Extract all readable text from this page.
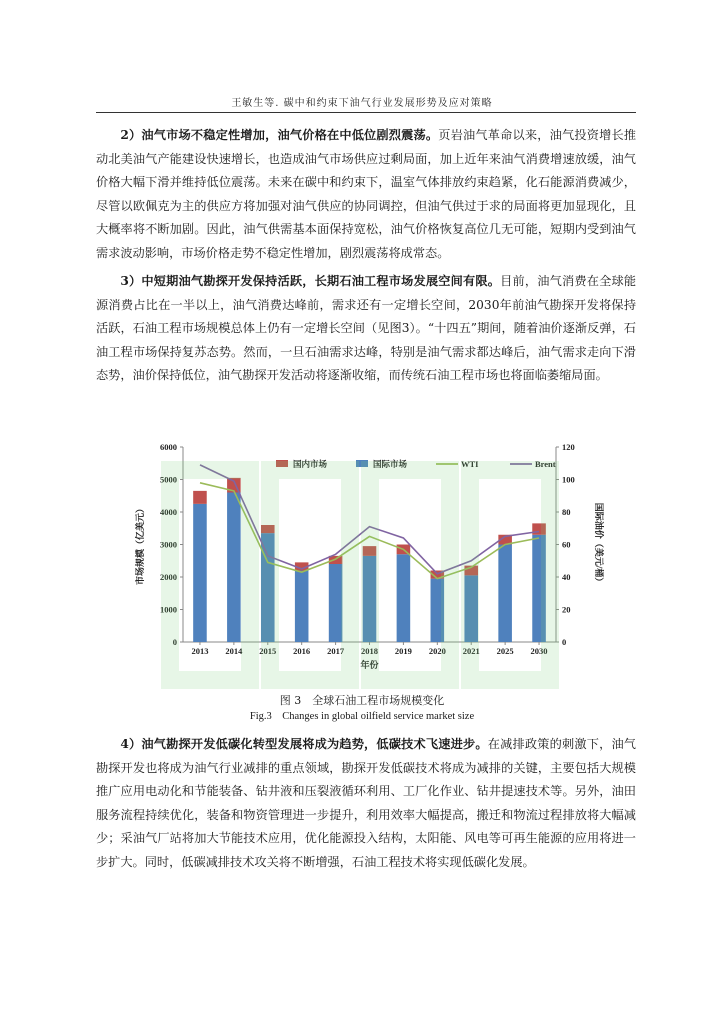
王敏生等. 碳中和约束下油气行业发展形势及应对策略

2）油气市场不稳定性增加，油气价格在中低位剧烈震荡。页岩油气革命以来，油气投资增长推动北美油气产能建设快速增长，也造成油气市场供应过剩局面，加上近年来油气消费增速放缓，油气价格大幅下滑并维持低位震荡。未来在碳中和约束下，温室气体排放约束趋紧，化石能源消费减少，尽管以欧佩克为主的供应方将加强对油气供应的协同调控，但油气供过于求的局面将更加显现化，且大概率将不断加剧。因此，油气供需基本面保持宽松，油气价格恢复高位几无可能，短期内受到油气需求波动影响，市场价格走势不稳定性增加，剧烈震荡将成常态。

3）中短期油气勘探开发保持活跃，长期石油工程市场发展空间有限。目前，油气消费在全球能源消费占比在一半以上，油气消费达峰前，需求还有一定增长空间，2030年前油气勘探开发将保持活跃，石油工程市场规模总体上仍有一定增长空间（见图3）。“十四五”期间，随着油价逐渐反弹，石油工程市场保持复苏态势。然而，一旦石油需求达峰，特别是油气需求都达峰后，油气需求走向下滑态势，油价保持低位，油气勘探开发活动将逐渐收缩，而传统石油工程市场也将面临萎缩局面。

0
1000
2000
3000
4000
5000
6000
0
20
40
60
80
100
120
2013 2014 2015 2016 2017 2018 2019 2020 2021 2025 2030
年份
市场规模（亿美元）	国际油价（美元/桶）
国内市场	国际市场	WTI	Brent
图 3　全球石油工程市场规模变化
Fig.3　Changes in global oilfield service market size

4）油气勘探开发低碳化转型发展将成为趋势，低碳技术飞速进步。在减排政策的刺激下，油气勘探开发也将成为油气行业减排的重点领域，勘探开发低碳技术将成为减排的关键，主要包括大规模推广应用电动化和节能装备、钻井液和压裂液循环利用、工厂化作业、钻井提速技术等。另外，油田服务流程持续优化，装备和物资管理进一步提升，利用效率大幅提高，搬迁和物流过程排放将大幅减少；采油气厂站将加大节能技术应用，优化能源投入结构，太阳能、风电等可再生能源的应用将进一步扩大。同时，低碳减排技术攻关将不断增强，石油工程技术将实现低碳化发展。
